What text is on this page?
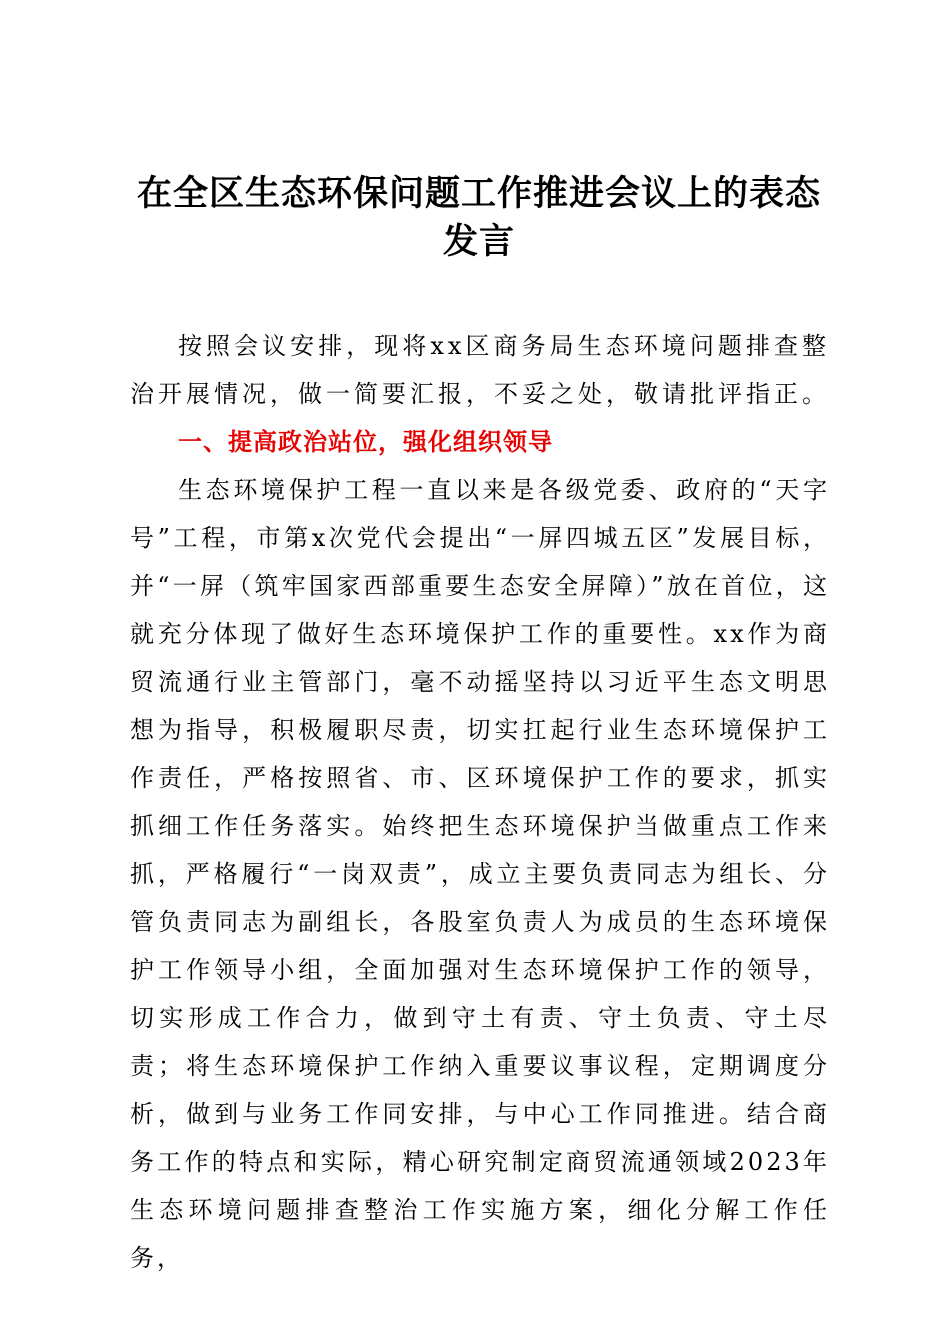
在全区生态环保问题工作推进会议上的表态发言

按照会议安排，现将xx区商务局生态环境问题排查整治开展情况，做一简要汇报，不妥之处，敬请批评指正。

一、提高政治站位，强化组织领导

生态环境保护工程一直以来是各级党委、政府的“天字号”工程，市第x次党代会提出“一屏四城五区”发展目标，并“一屏（筑牢国家西部重要生态安全屏障）”放在首位，这就充分体现了做好生态环境保护工作的重要性。xx作为商贸流通行业主管部门，毫不动摇坚持以习近平生态文明思想为指导，积极履职尽责，切实扛起行业生态环境保护工作责任，严格按照省、市、区环境保护工作的要求，抓实抓细工作任务落实。始终把生态环境保护当做重点工作来抓，严格履行“一岗双责”，成立主要负责同志为组长、分管负责同志为副组长，各股室负责人为成员的生态环境保护工作领导小组，全面加强对生态环境保护工作的领导，切实形成工作合力，做到守土有责、守土负责、守土尽责；将生态环境保护工作纳入重要议事议程，定期调度分析，做到与业务工作同安排，与中心工作同推进。结合商务工作的特点和实际，精心研究制定商贸流通领域2023年生态环境问题排查整治工作实施方案，细化分解工作任务，
